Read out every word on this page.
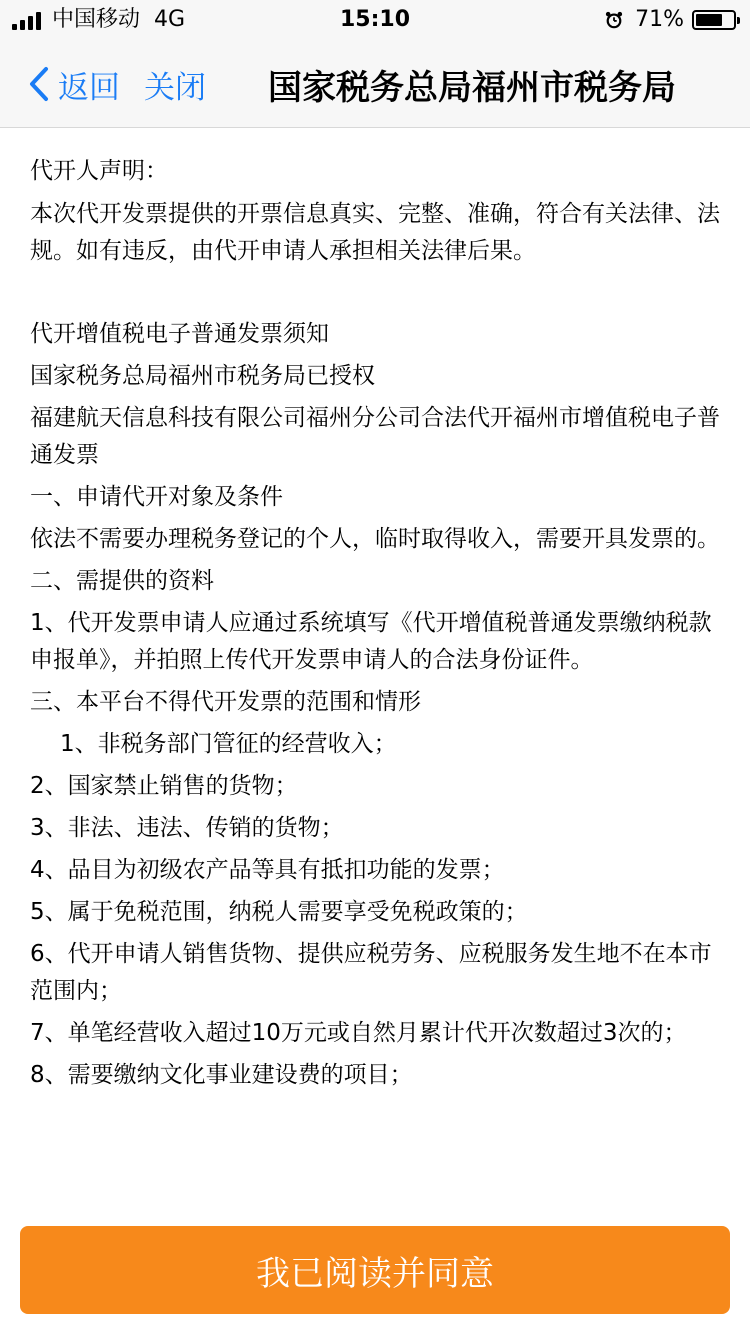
中国移动 4G	15:10	71%
返回 关闭 国家税务总局福州市税务局

代开人声明：

本次代开发票提供的开票信息真实、完整、准确，符合有关法律、法规。如有违反，由代开申请人承担相关法律后果。

代开增值税电子普通发票须知

国家税务总局福州市税务局已授权

福建航天信息科技有限公司福州分公司合法代开福州市增值税电子普通发票

一、申请代开对象及条件

依法不需要办理税务登记的个人，临时取得收入，需要开具发票的。

二、需提供的资料

1、代开发票申请人应通过系统填写《代开增值税普通发票缴纳税款申报单》，并拍照上传代开发票申请人的合法身份证件。

三、本平台不得代开发票的范围和情形

1、非税务部门管征的经营收入；

2、国家禁止销售的货物；

3、非法、违法、传销的货物；

4、品目为初级农产品等具有抵扣功能的发票；

5、属于免税范围，纳税人需要享受免税政策的；

6、代开申请人销售货物、提供应税劳务、应税服务发生地不在本市范围内；

7、单笔经营收入超过10万元或自然月累计代开次数超过3次的；

8、需要缴纳文化事业建设费的项目；

我已阅读并同意
